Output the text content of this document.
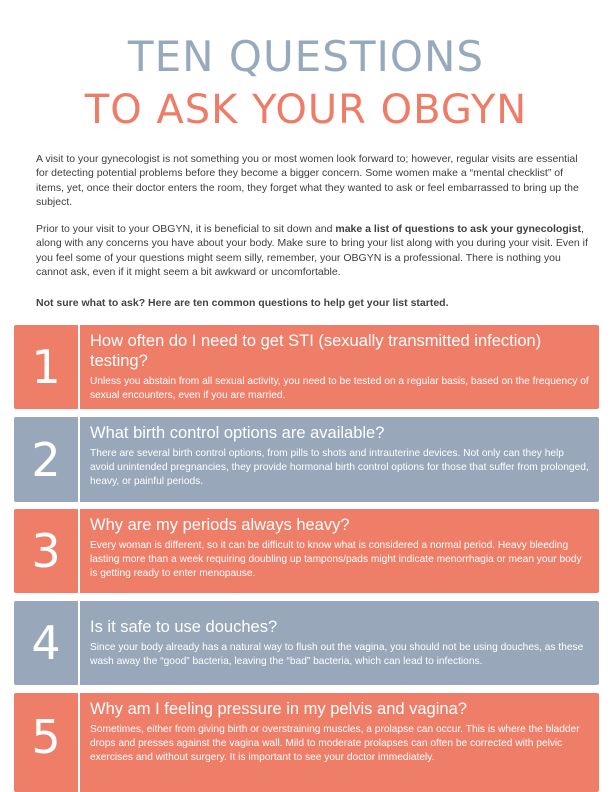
TEN QUESTIONS
TO ASK YOUR OBGYN

A visit to your gynecologist is not something you or most women look forward to; however, regular visits are essential for detecting potential problems before they become a bigger concern. Some women make a “mental checklist” of items, yet, once their doctor enters the room, they forget what they wanted to ask or feel embarrassed to bring up the subject.

Prior to your visit to your OBGYN, it is beneficial to sit down and make a list of questions to ask your gynecologist, along with any concerns you have about your body. Make sure to bring your list along with you during your visit. Even if you feel some of your questions might seem silly, remember, your OBGYN is a professional. There is nothing you cannot ask, even if it might seem a bit awkward or uncomfortable.

Not sure what to ask? Here are ten common questions to help get your list started.

1	How often do I need to get STI (sexually transmitted infection) testing?
Unless you abstain from all sexual activity, you need to be tested on a regular basis, based on the frequency of sexual encounters, even if you are married.
2	What birth control options are available?
There are several birth control options, from pills to shots and intrauterine devices. Not only can they help avoid unintended pregnancies, they provide hormonal birth control options for those that suffer from prolonged, heavy, or painful periods.
3	Why are my periods always heavy?
Every woman is different, so it can be difficult to know what is considered a normal period. Heavy bleeding lasting more than a week requiring doubling up tampons/pads might indicate menorrhagia or mean your body is getting ready to enter menopause.
4	Is it safe to use douches?
Since your body already has a natural way to flush out the vagina, you should not be using douches, as these wash away the “good” bacteria, leaving the “bad” bacteria, which can lead to infections.
5
Why am I feeling pressure in my pelvis and vagina?
Sometimes, either from giving birth or overstraining muscles, a prolapse can occur. This is where the bladder drops and presses against the vagina wall. Mild to moderate prolapses can often be corrected with pelvic exercises and without surgery. It is important to see your doctor immediately.
